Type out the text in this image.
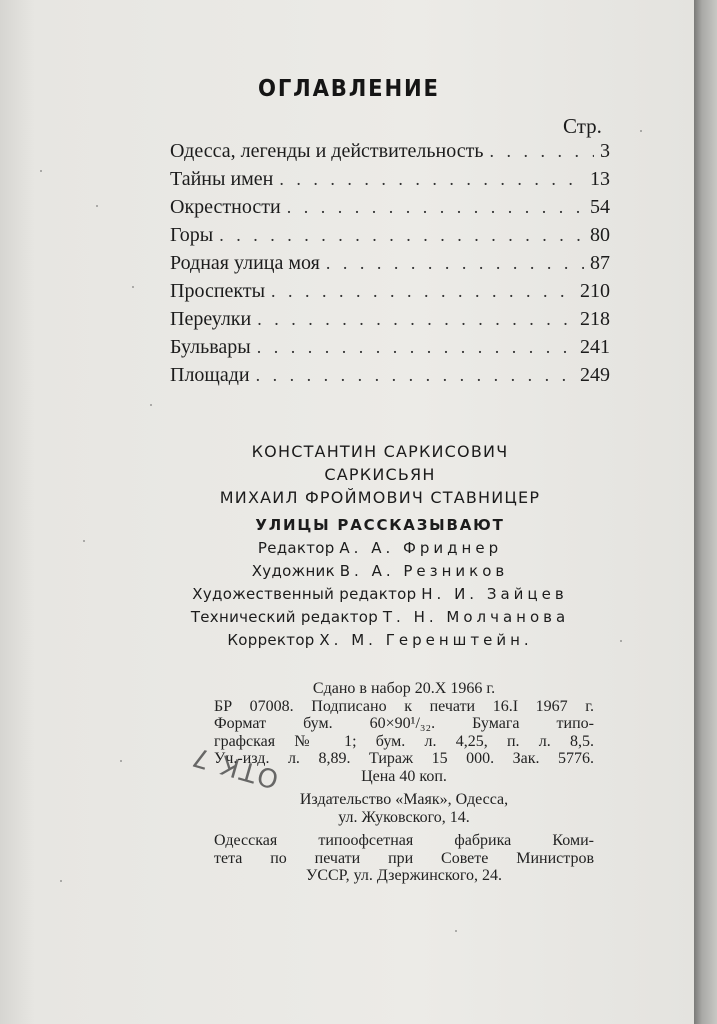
ОГЛАВЛЕНИЕ
Стр.
Одесса, легенды и действительность . . .	3
Тайны имен . . .	13
Окрестности . . .	54
Горы . . .	80
Родная улица моя . . .	87
Проспекты . . .	210
Переулки . . .	218
Бульвары . . .	241
Площади . . .	249
КОНСТАНТИН САРКИСОВИЧ
САРКИСЬЯН
МИХАИЛ ФРОЙМОВИЧ СТАВНИЦЕР
УЛИЦЫ РАССКАЗЫВАЮТ
Редактор А. А. Фриднер
Художник В. А. Резников
Художественный редактор Н. И. Зайцев
Технический редактор Т. Н. Молчанова
Корректор Х. М. Геренштейн.
Сдано в набор 20.Х 1966 г.
БР 07008. Подписано к печати 16.I 1967 г.
Формат бум. 60×90¹/₃₂. Бумага типо-
графская № 1; бум. л. 4,25, п. л. 8,5.
Уч.-изд. л. 8,89. Тираж 15 000. Зак. 5776.
Цена 40 коп.
Издательство «Маяк», Одесса,
ул. Жуковского, 14.
Одесская типоофсетная фабрика Коми-
тета по печати при Совете Министров
УССР, ул. Дзержинского, 24.
ОТК 7
